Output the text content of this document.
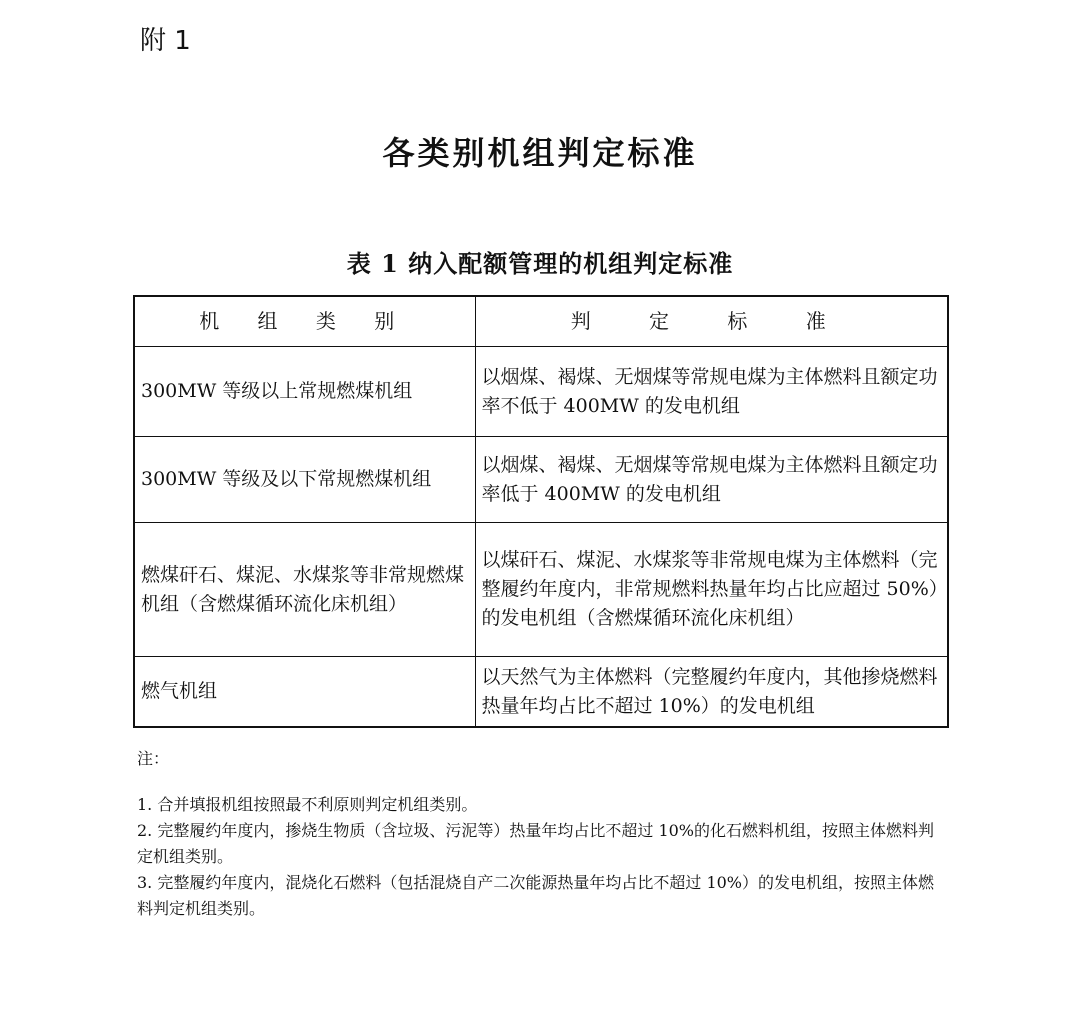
附 1
各类别机组判定标准
表 1 纳入配额管理的机组判定标准
机 组 类 别	判 定 标 准
300MW 等级以上常规燃煤机组	以烟煤、褐煤、无烟煤等常规电煤为主体燃料且额定功率不低于 400MW 的发电机组
300MW 等级及以下常规燃煤机组	以烟煤、褐煤、无烟煤等常规电煤为主体燃料且额定功率低于 400MW 的发电机组
燃煤矸石、煤泥、水煤浆等非常规燃煤机组（含燃煤循环流化床机组）	以煤矸石、煤泥、水煤浆等非常规电煤为主体燃料（完整履约年度内，非常规燃料热量年均占比应超过 50%）的发电机组（含燃煤循环流化床机组）
燃气机组	以天然气为主体燃料（完整履约年度内，其他掺烧燃料热量年均占比不超过 10%）的发电机组
注：

1. 合并填报机组按照最不利原则判定机组类别。

2. 完整履约年度内，掺烧生物质（含垃圾、污泥等）热量年均占比不超过 10%的化石燃料机组，按照主体燃料判定机组类别。

3. 完整履约年度内，混烧化石燃料（包括混烧自产二次能源热量年均占比不超过 10%）的发电机组，按照主体燃料判定机组类别。
